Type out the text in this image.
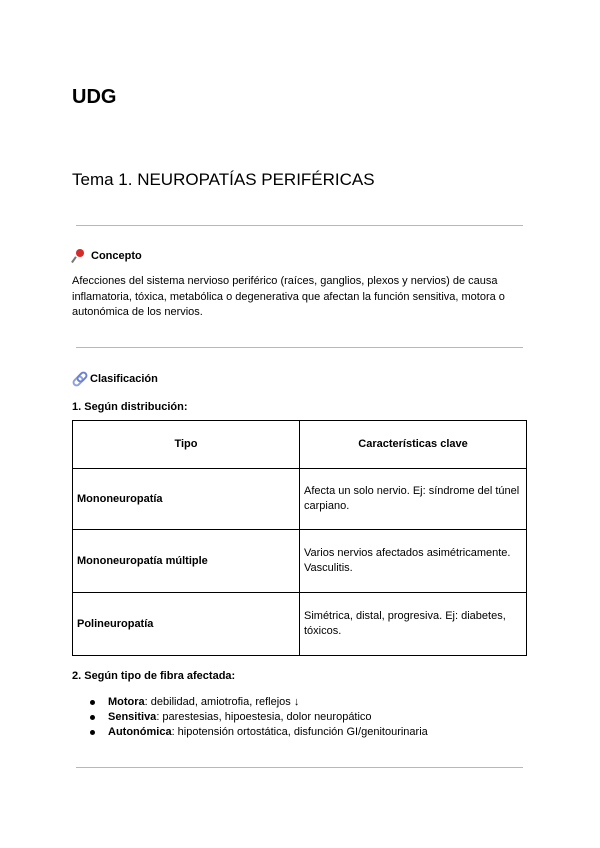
UDG
Tema 1. NEUROPATÍAS PERIFÉRICAS
Concepto
Afecciones del sistema nervioso periférico (raíces, ganglios, plexos y nervios) de causa inflamatoria, tóxica, metabólica o degenerativa que afectan la función sensitiva, motora o autonómica de los nervios.
Clasificación
1. Según distribución:
Tipo	Características clave
Mononeuropatía	Afecta un solo nervio. Ej: síndrome del túnel carpiano.
Mononeuropatía múltiple	Varios nervios afectados asimétricamente. Vasculitis.
Polineuropatía	Simétrica, distal, progresiva. Ej: diabetes, tóxicos.
2. Según tipo de fibra afectada:
Motora: debilidad, amiotrofia, reflejos ↓
Sensitiva: parestesias, hipoestesia, dolor neuropático
Autonómica: hipotensión ortostática, disfunción GI/genitourinaria
